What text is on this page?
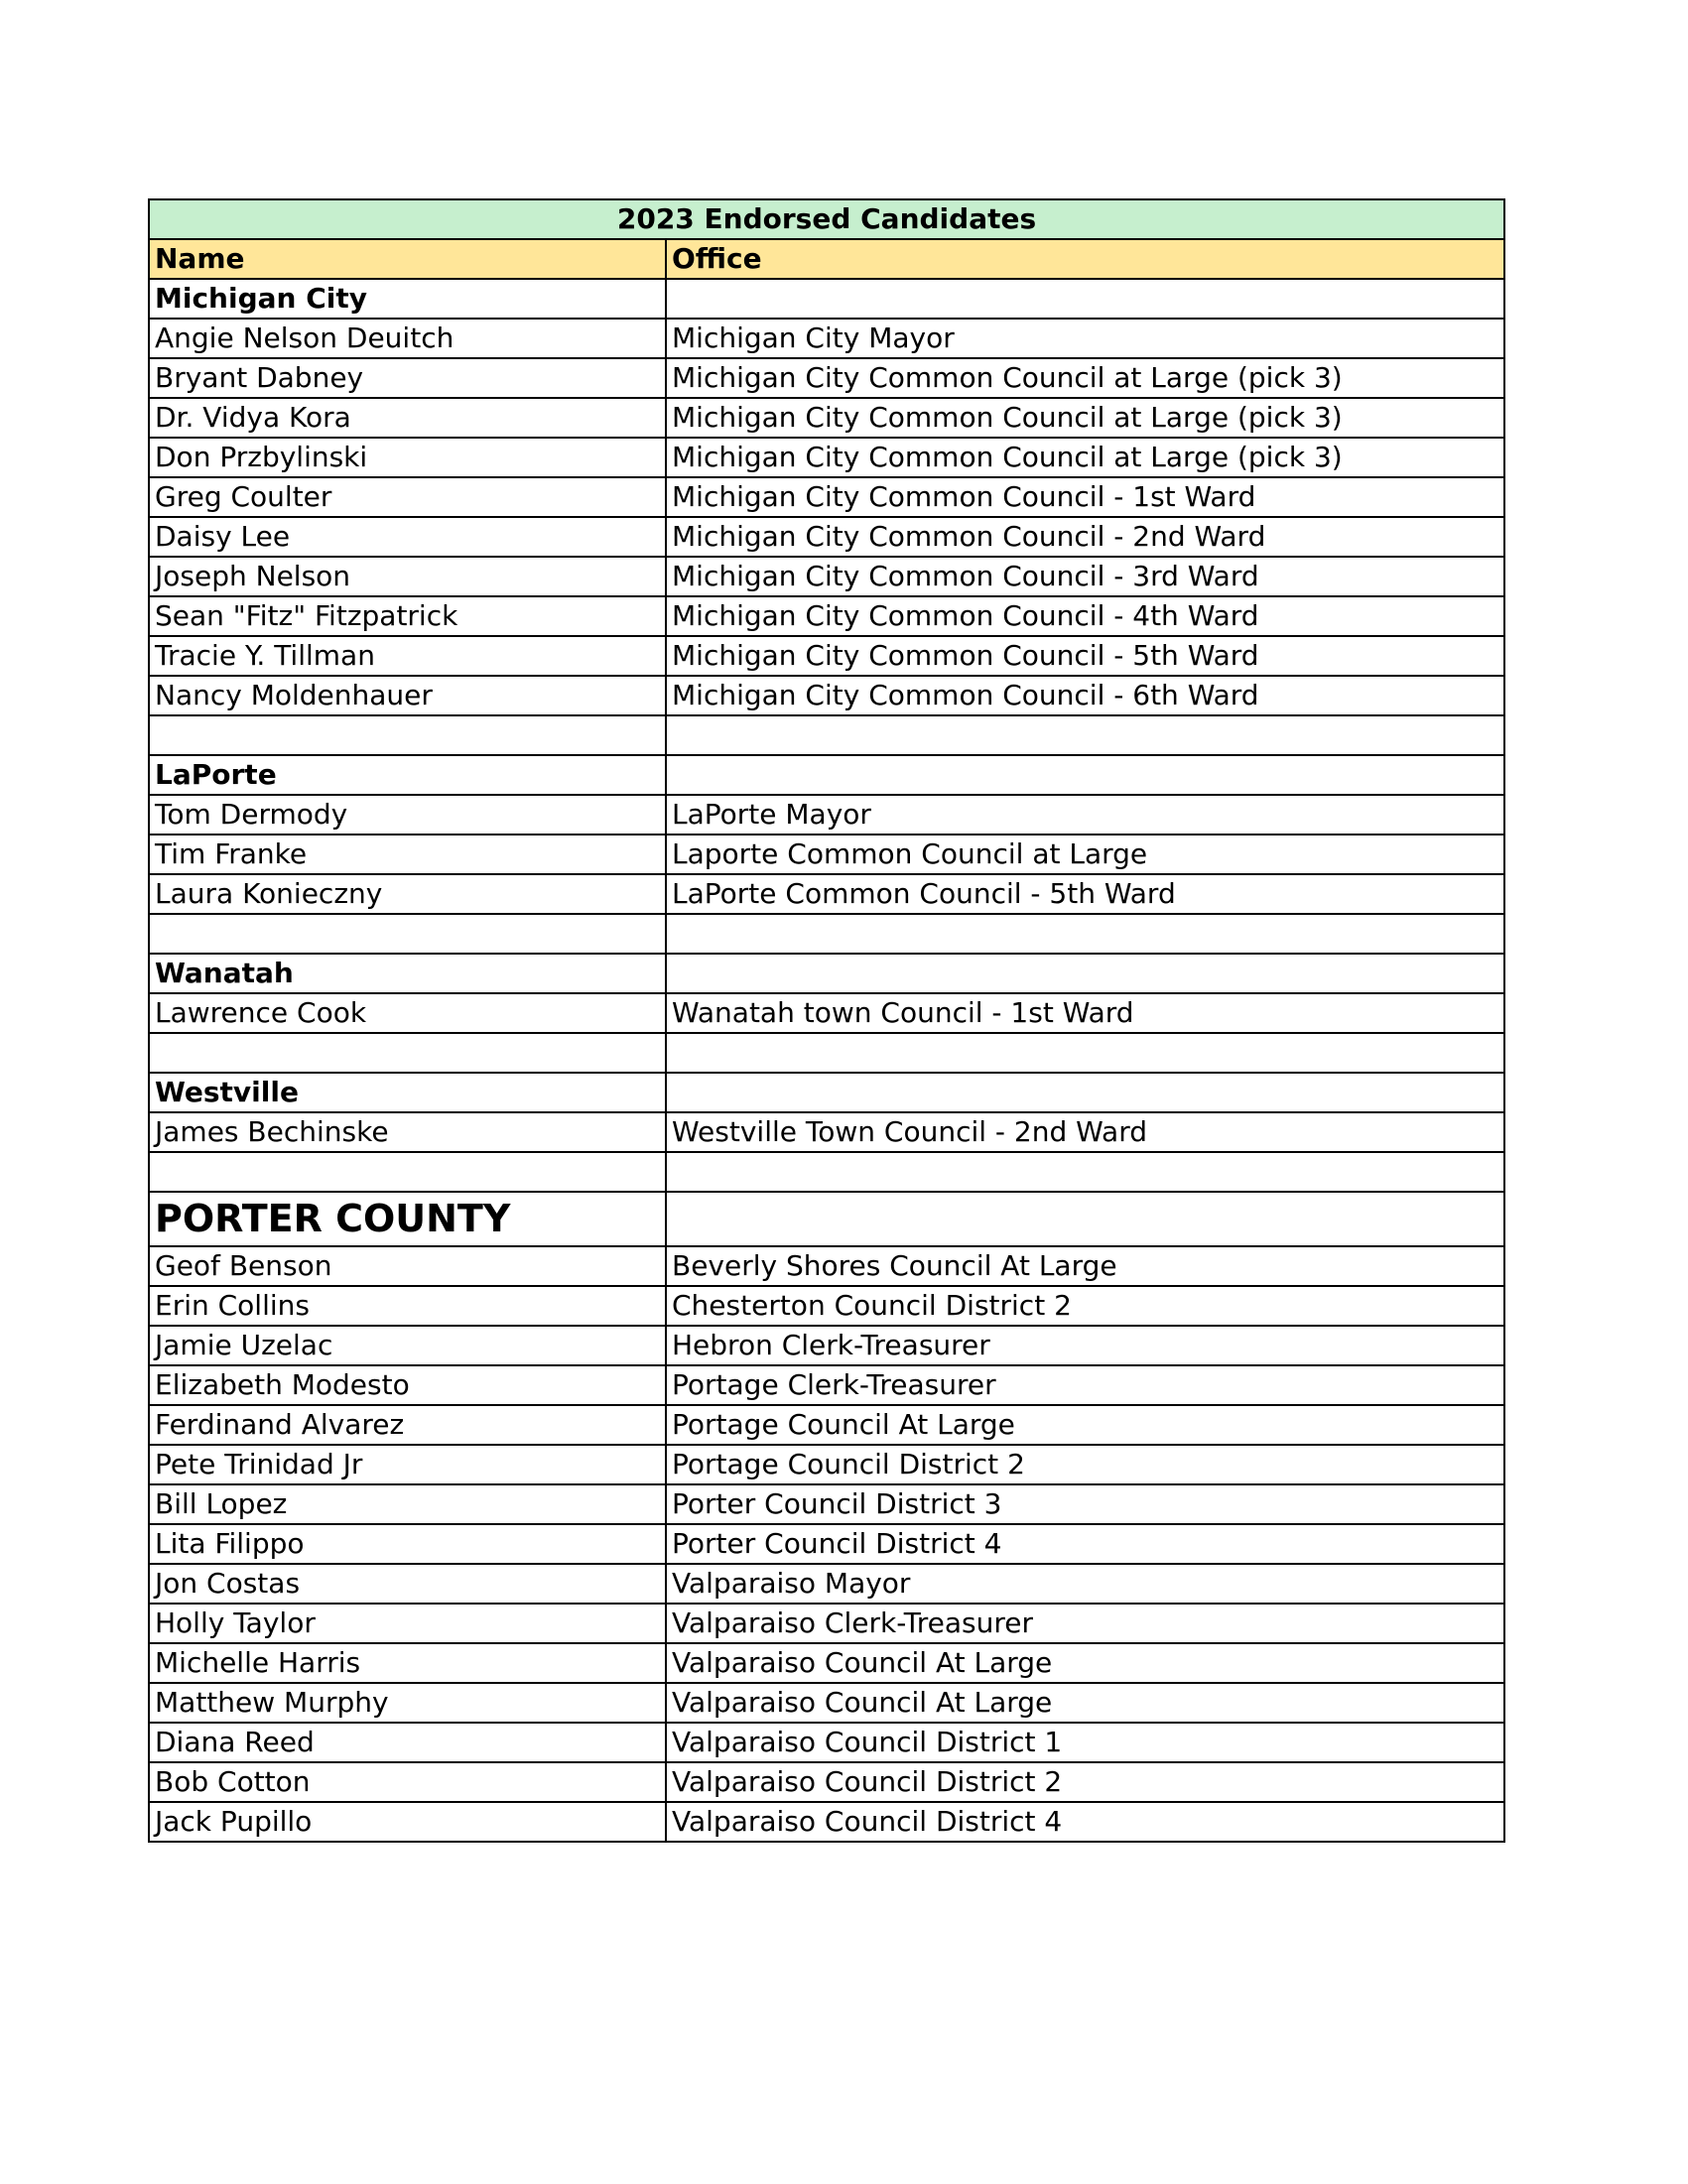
2023 Endorsed Candidates	
Name	Office
Michigan City	
Angie Nelson Deuitch	Michigan City Mayor
Bryant Dabney	Michigan City Common Council at Large (pick 3)
Dr. Vidya Kora	Michigan City Common Council at Large (pick 3)
Don Przbylinski	Michigan City Common Council at Large (pick 3)
Greg Coulter	Michigan City Common Council - 1st Ward
Daisy Lee	Michigan City Common Council - 2nd Ward
Joseph Nelson	Michigan City Common Council - 3rd Ward
Sean "Fitz" Fitzpatrick	Michigan City Common Council - 4th Ward
Tracie Y. Tillman	Michigan City Common Council - 5th Ward
Nancy Moldenhauer	Michigan City Common Council - 6th Ward

LaPorte	
Tom Dermody	LaPorte Mayor
Tim Franke	Laporte Common Council at Large
Laura Konieczny	LaPorte Common Council - 5th Ward

Wanatah	
Lawrence Cook	Wanatah town Council - 1st Ward

Westville	
James Bechinske	Westville Town Council - 2nd Ward

PORTER COUNTY	
Geof Benson	Beverly Shores Council At Large
Erin Collins	Chesterton Council District 2
Jamie Uzelac	Hebron Clerk-Treasurer
Elizabeth Modesto	Portage Clerk-Treasurer
Ferdinand Alvarez	Portage Council At Large
Pete Trinidad Jr	Portage Council District 2
Bill Lopez	Porter Council District 3
Lita Filippo	Porter Council District 4
Jon Costas	Valparaiso Mayor
Holly Taylor	Valparaiso Clerk-Treasurer
Michelle Harris	Valparaiso Council At Large
Matthew Murphy	Valparaiso Council At Large
Diana Reed	Valparaiso Council District 1
Bob Cotton	Valparaiso Council District 2
Jack Pupillo	Valparaiso Council District 4
